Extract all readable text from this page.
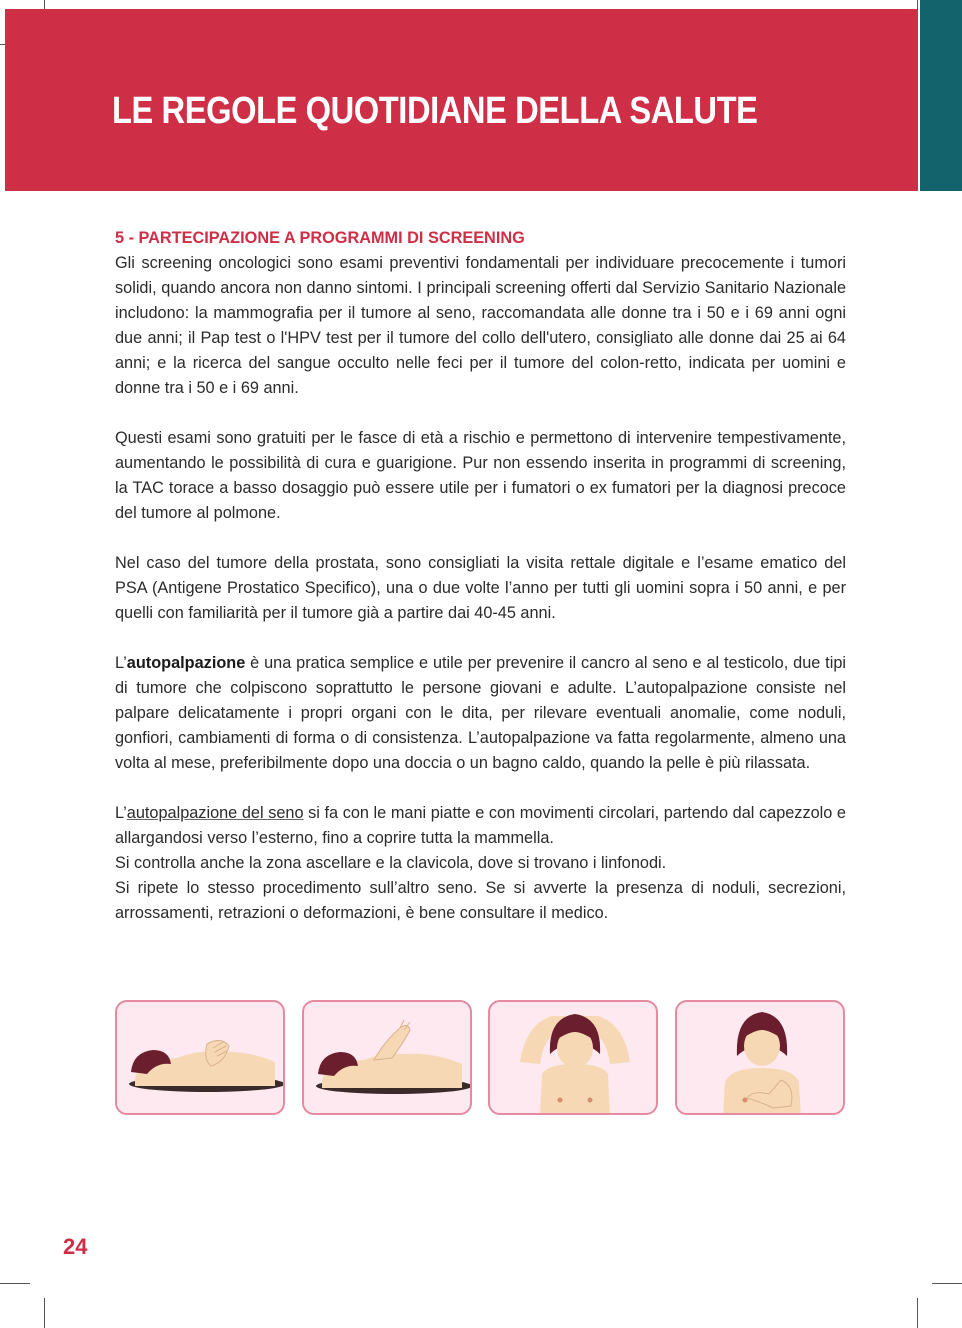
LE REGOLE QUOTIDIANE DELLA SALUTE
5 - PARTECIPAZIONE A PROGRAMMI DI SCREENING

Gli screening oncologici sono esami preventivi fondamentali per individuare precocemente i tumori solidi, quando ancora non danno sintomi. I principali screening offerti dal Servizio Sanitario Nazionale includono: la mammografia per il tumore al seno, raccomandata alle donne tra i 50 e i 69 anni ogni due anni; il Pap test o l'HPV test per il tumore del collo dell'utero, consigliato alle donne dai 25 ai 64 anni; e la ricerca del sangue occulto nelle feci per il tumore del colon-retto, indicata per uomini e donne tra i 50 e i 69 anni.

Questi esami sono gratuiti per le fasce di età a rischio e permettono di intervenire tempestivamente, aumentando le possibilità di cura e guarigione. Pur non essendo inserita in programmi di screening, la TAC torace a basso dosaggio può essere utile per i fumatori o ex fumatori per la diagnosi precoce del tumore al polmone.

Nel caso del tumore della prostata, sono consigliati la visita rettale digitale e l’esame ematico del PSA (Antigene Prostatico Specifico), una o due volte l’anno per tutti gli uomini sopra i 50 anni, e per quelli con familiarità per il tumore già a partire dai 40-45 anni.

L’autopalpazione è una pratica semplice e utile per prevenire il cancro al seno e al testicolo, due tipi di tumore che colpiscono soprattutto le persone giovani e adulte. L’autopalpazione consiste nel palpare delicatamente i propri organi con le dita, per rilevare eventuali anomalie, come noduli, gonfiori, cambiamenti di forma o di consistenza. L’autopalpazione va fatta regolarmente, almeno una volta al mese, preferibilmente dopo una doccia o un bagno caldo, quando la pelle è più rilassata.

L’autopalpazione del seno si fa con le mani piatte e con movimenti circolari, partendo dal capezzolo e allargandosi verso l’esterno, fino a coprire tutta la mammella.

Si controlla anche la zona ascellare e la clavicola, dove si trovano i linfonodi.

Si ripete lo stesso procedimento sull’altro seno. Se si avverte la presenza di noduli, secrezioni, arrossamenti, retrazioni o deformazioni, è bene consultare il medico.

24
